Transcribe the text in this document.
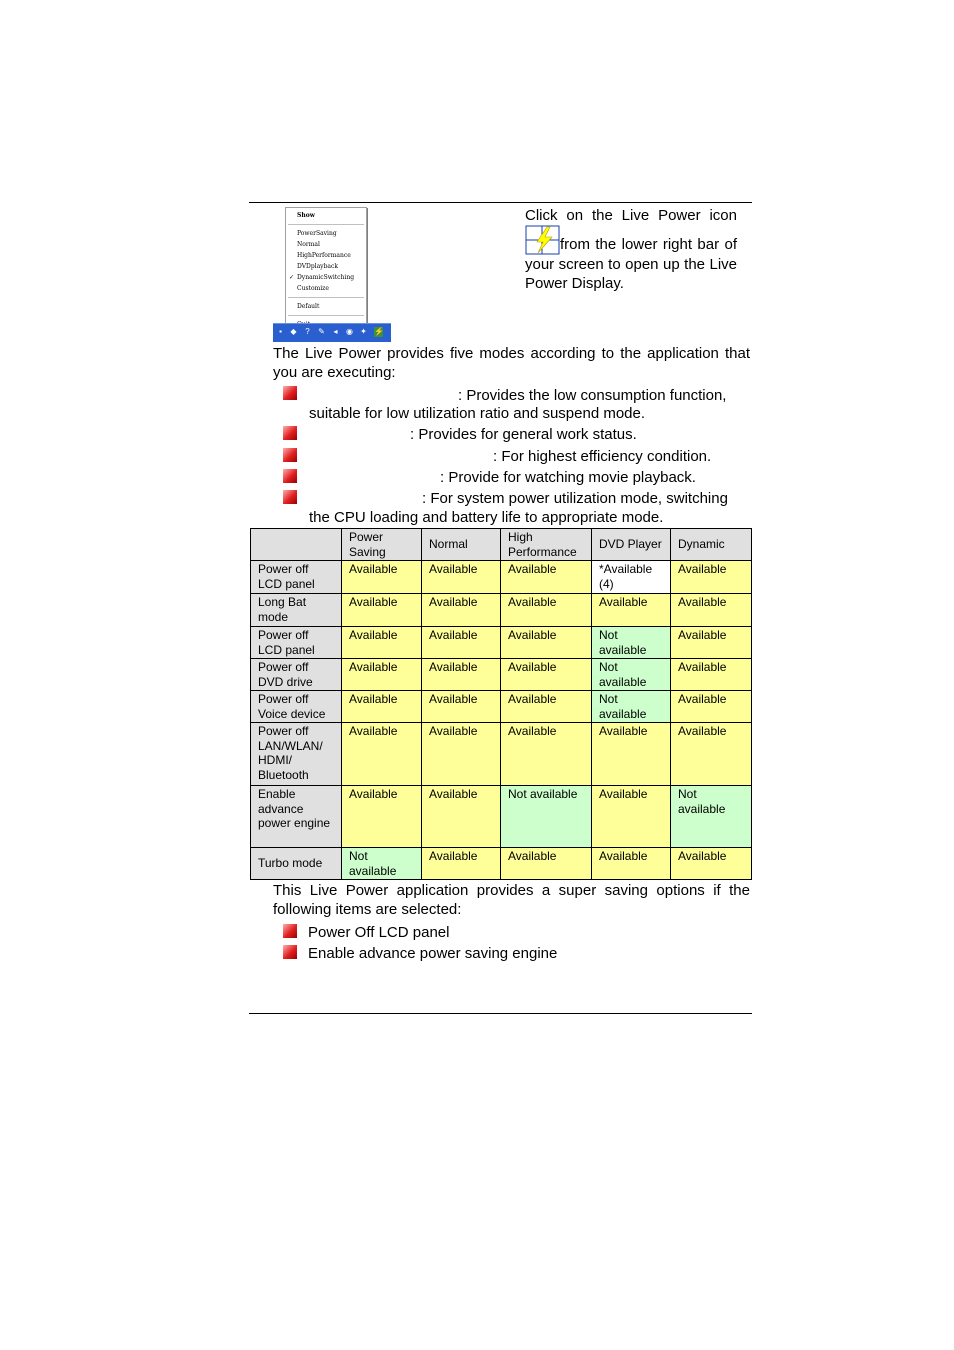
Show
PowerSaving
Normal
HighPerformance
DVDplayback
✓ DynamicSwitching
Customize
Default
▪	◆ ? ✎	◂	◉ ✦ ⚡
Click on the Live Power icon from the lower right bar of your screen to open up the Live Power Display.

The Live Power provides five modes according to the application that you are executing:

: Provides the low consumption function,
suitable for low utilization ratio and suspend mode.
: Provides for general work status.
: For highest efficiency condition.
: Provide for watching movie playback.
: For system power utilization mode, switching
the CPU loading and battery life to appropriate mode.
	Power Saving	Normal	High Performance	DVD Player	Dynamic
Power off LCD panel	Available	Available	Available	*Available (4)	Available
Long Bat mode	Available	Available	Available	Available	Available
Power off LCD panel	Available	Available	Available	Not available	Available
Power off DVD drive	Available	Available	Available	Not available	Available
Power off Voice device	Available	Available	Available	Not available	Available
Power off LAN/WLAN/ HDMI/ Bluetooth	Available	Available	Available	Available	Available
Enable advance power engine	Available	Available	Not available	Available	Not available
Turbo mode	Not available	Available	Available	Available	Available

This Live Power application provides a super saving options if the following items are selected:

Power Off LCD panel
Enable advance power saving engine
